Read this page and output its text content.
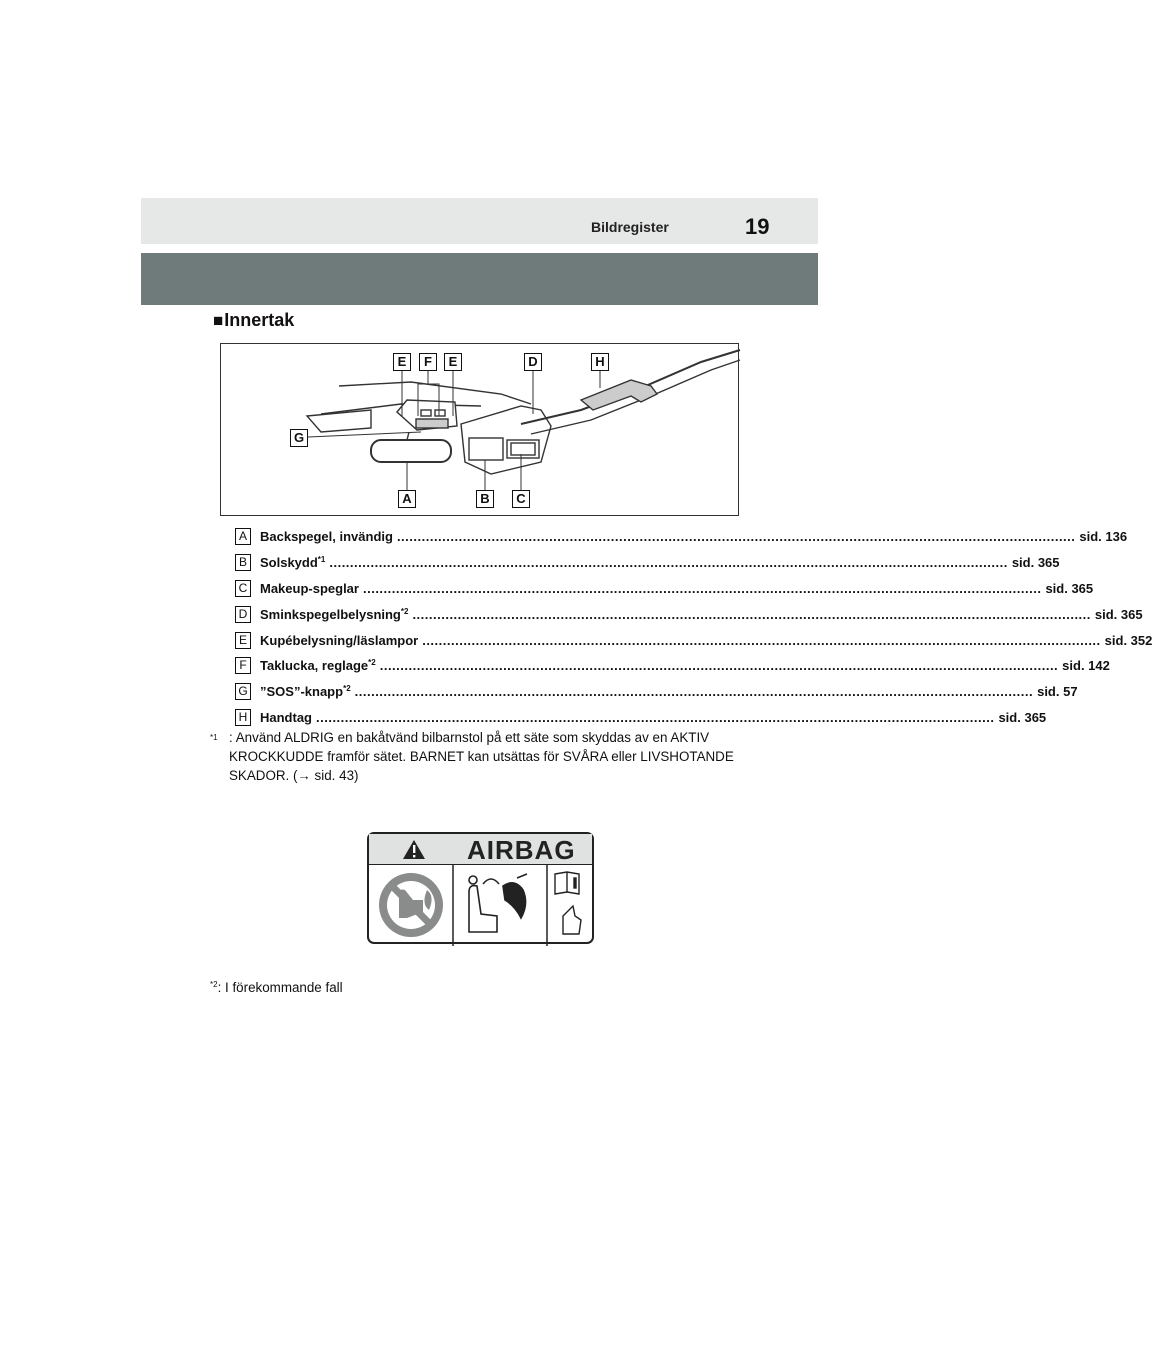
Bildregister	19
■ Innertak
E	F	E	D	H
G
A	B	C
A	Backspegel, invändig ..................................................................................................................................................................... sid. 136
B	Solskydd$^{*1}$ ..................................................................................................................................................................... sid. 365
C Makeup-speglar ..................................................................................................................................................................... sid. 365
D Sminkspegelbelysning$^{*2}$ ..................................................................................................................................................................... sid. 365
E	Kupébelysning/läslampor ..................................................................................................................................................................... sid. 352
F	Taklucka, reglage$^{*2}$ ..................................................................................................................................................................... sid. 142
G ”SOS”-knapp$^{*2}$ ..................................................................................................................................................................... sid. 57
H Handtag ..................................................................................................................................................................... sid. 365
$^{*1}$ : Använd ALDRIG en bakåtvänd bilbarnstol på ett säte som skyddas av en AKTIV KROCKKUDDE framför sätet. BARNET kan utsättas för SVÅRA eller LIVSHOTANDE SKADOR. (→ sid. 43)
AIRBAG
$^{*2}$: I förekommande fall
